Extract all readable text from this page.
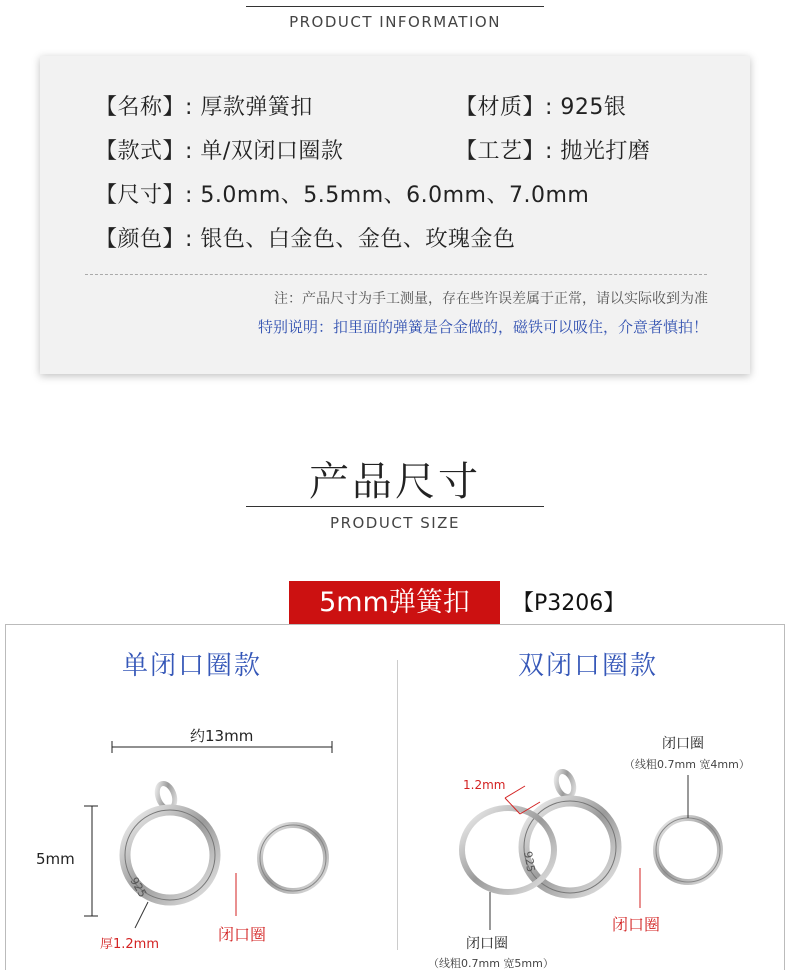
PRODUCT INFORMATION
【名称】: 厚款弹簧扣	【材质】: 925银
【款式】: 单/双闭口圈款	【工艺】: 抛光打磨
【尺寸】: 5.0mm、5.5mm、6.0mm、7.0mm
【颜色】: 银色、白金色、金色、玫瑰金色
注：产品尺寸为手工测量，存在些许误差属于正常，请以实际收到为准
特别说明：扣里面的弹簧是合金做的，磁铁可以吸住，介意者慎拍！
产品尺寸
PRODUCT SIZE
5mm弹簧扣	【P3206】
单闭口圈款	双闭口圈款
约13mm
5mm
厚1.2mm
闭口圈
1.2mm
闭口圈
（线粗0.7mm 宽4mm）
闭口圈
闭口圈
（线粗0.7mm 宽5mm）
925
925
